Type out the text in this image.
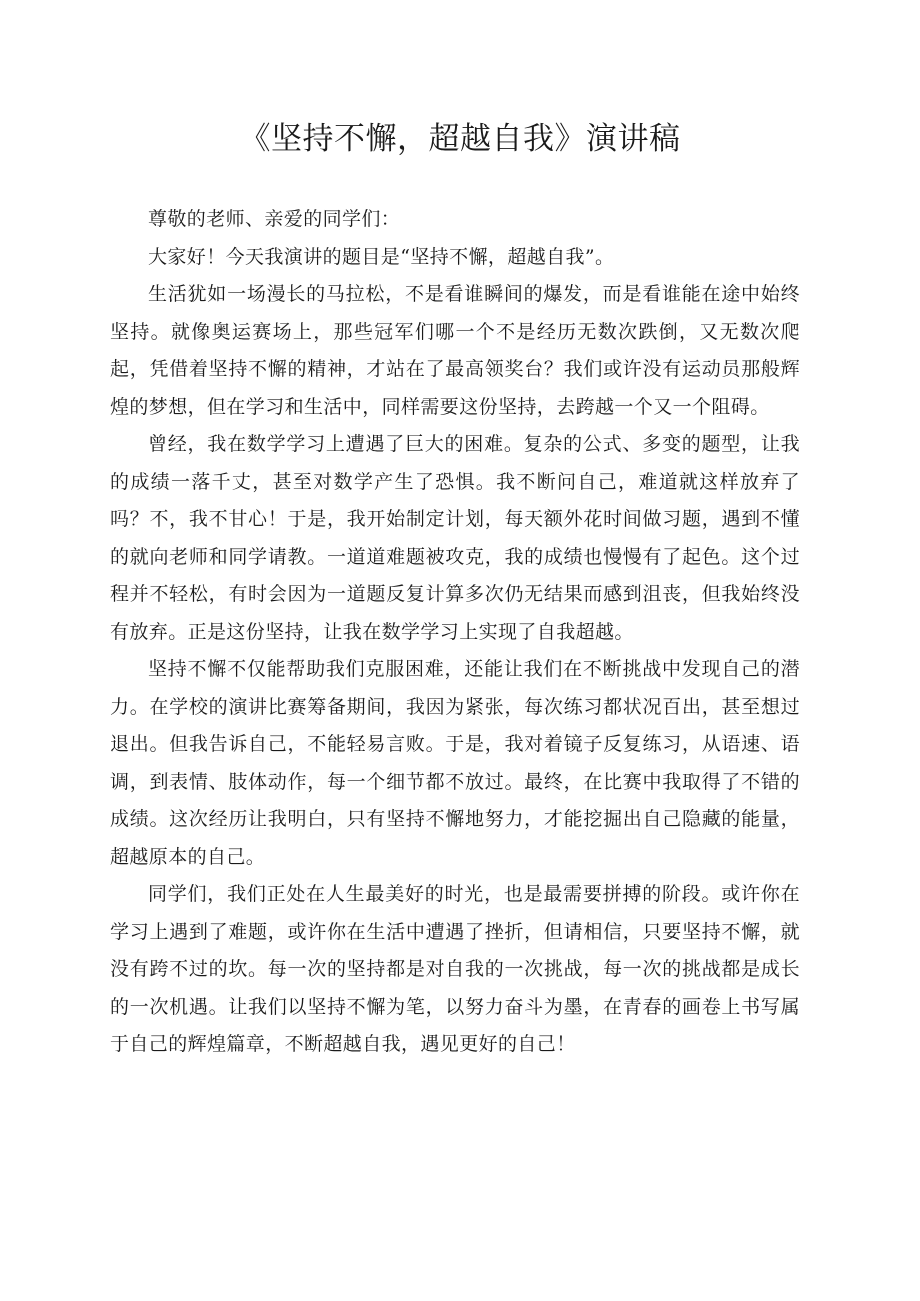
《坚持不懈，超越自我》演讲稿

尊敬的老师、亲爱的同学们：

大家好！今天我演讲的题目是“坚持不懈，超越自我”。

生活犹如一场漫长的马拉松，不是看谁瞬间的爆发，而是看谁能在途中始终坚持。就像奥运赛场上，那些冠军们哪一个不是经历无数次跌倒，又无数次爬起，凭借着坚持不懈的精神，才站在了最高领奖台？我们或许没有运动员那般辉煌的梦想，但在学习和生活中，同样需要这份坚持，去跨越一个又一个阻碍。

曾经，我在数学学习上遭遇了巨大的困难。复杂的公式、多变的题型，让我的成绩一落千丈，甚至对数学产生了恐惧。我不断问自己，难道就这样放弃了吗？不，我不甘心！于是，我开始制定计划，每天额外花时间做习题，遇到不懂的就向老师和同学请教。一道道难题被攻克，我的成绩也慢慢有了起色。这个过程并不轻松，有时会因为一道题反复计算多次仍无结果而感到沮丧，但我始终没有放弃。正是这份坚持，让我在数学学习上实现了自我超越。

坚持不懈不仅能帮助我们克服困难，还能让我们在不断挑战中发现自己的潜力。在学校的演讲比赛筹备期间，我因为紧张，每次练习都状况百出，甚至想过退出。但我告诉自己，不能轻易言败。于是，我对着镜子反复练习，从语速、语调，到表情、肢体动作，每一个细节都不放过。最终，在比赛中我取得了不错的成绩。这次经历让我明白，只有坚持不懈地努力，才能挖掘出自己隐藏的能量，超越原本的自己。

同学们，我们正处在人生最美好的时光，也是最需要拼搏的阶段。或许你在学习上遇到了难题，或许你在生活中遭遇了挫折，但请相信，只要坚持不懈，就没有跨不过的坎。每一次的坚持都是对自我的一次挑战，每一次的挑战都是成长的一次机遇。让我们以坚持不懈为笔，以努力奋斗为墨，在青春的画卷上书写属于自己的辉煌篇章，不断超越自我，遇见更好的自己！
